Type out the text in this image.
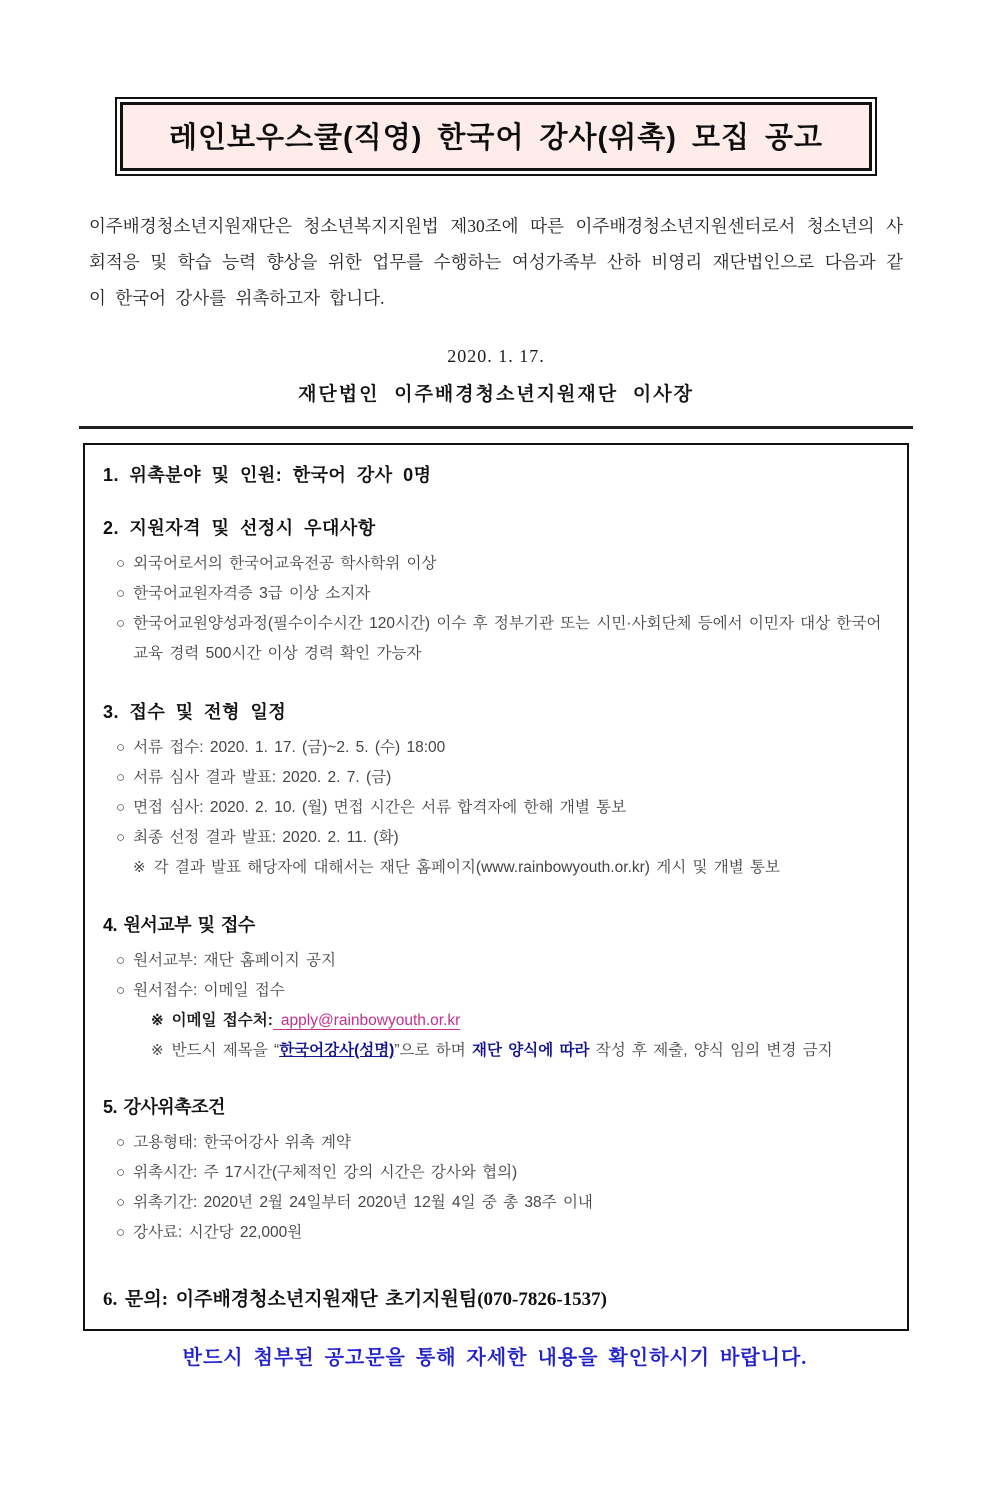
레인보우스쿨(직영) 한국어 강사(위촉) 모집 공고

이주배경청소년지원재단은 청소년복지지원법 제30조에 따른 이주배경청소년지원센터로서 청소년의 사회적응 및 학습 능력 향상을 위한 업무를 수행하는 여성가족부 산하 비영리 재단법인으로 다음과 같이 한국어 강사를 위촉하고자 합니다.

2020. 1. 17.
재단법인 이주배경청소년지원재단 이사장
1. 위촉분야 및 인원: 한국어 강사 0명
2. 지원자격 및 선정시 우대사항
○ 외국어로서의 한국어교육전공 학사학위 이상
○ 한국어교원자격증 3급 이상 소지자
○ 한국어교원양성과정(필수이수시간 120시간) 이수 후 정부기관 또는 시민·사회단체 등에서 이민자 대상 한국어 교육 경력 500시간 이상 경력 확인 가능자
3. 접수 및 전형 일정
○ 서류 접수: 2020. 1. 17. (금)~2. 5. (수) 18:00
○ 서류 심사 결과 발표: 2020. 2. 7. (금)
○ 면접 심사: 2020. 2. 10. (월) 면접 시간은 서류 합격자에 한해 개별 통보
○ 최종 선정 결과 발표: 2020. 2. 11. (화)
※ 각 결과 발표 해당자에 대해서는 재단 홈페이지(www.rainbowyouth.or.kr) 게시 및 개별 통보
4. 원서교부 및 접수
○ 원서교부: 재단 홈페이지 공지
○ 원서접수: 이메일 접수
※ 이메일 접수처: apply@rainbowyouth.or.kr
※ 반드시 제목을 “한국어강사(성명)”으로 하며 재단 양식에 따라 작성 후 제출, 양식 임의 변경 금지
5. 강사위촉조건
○ 고용형태: 한국어강사 위촉 계약
○ 위촉시간: 주 17시간(구체적인 강의 시간은 강사와 협의)
○ 위촉기간: 2020년 2월 24일부터 2020년 12월 4일 중 총 38주 이내
○ 강사료: 시간당 22,000원
6. 문의: 이주배경청소년지원재단 초기지원팀(070-7826-1537)
반드시 첨부된 공고문을 통해 자세한 내용을 확인하시기 바랍니다.
